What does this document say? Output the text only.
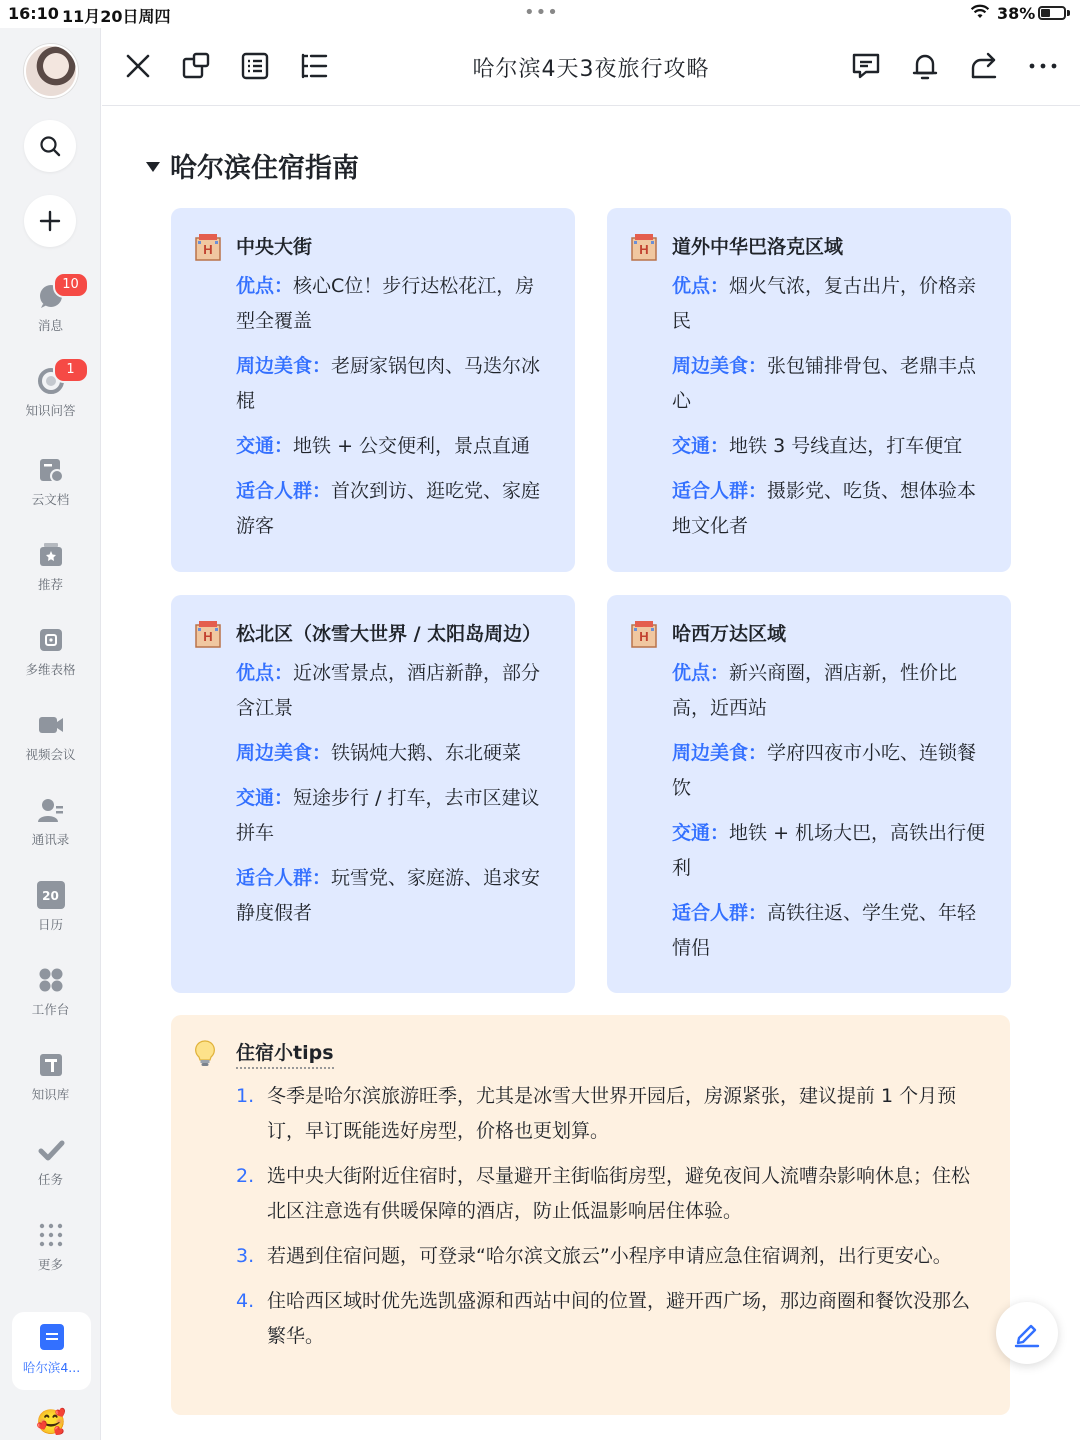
16:10 11月20日周四	•••	38%
10
消息
1
知识问答
云文档
推荐
多维表格
视频会议
通讯录
20
日历
工作台
知识库
任务
更多
哈尔滨4...
🥰
哈尔滨4天3夜旅行攻略
哈尔滨住宿指南
H 中央大街
优点：核心C位！步行达松花江，房型全覆盖
周边美食：老厨家锅包肉、马迭尔冰棍
交通：地铁 + 公交便利，景点直通
适合人群：首次到访、逛吃党、家庭游客
H 道外中华巴洛克区域
优点：烟火气浓，复古出片，价格亲民
周边美食：张包铺排骨包、老鼎丰点心
交通：地铁 3 号线直达，打车便宜
适合人群：摄影党、吃货、想体验本地文化者
H 松北区（冰雪大世界 / 太阳岛周边）
优点：近冰雪景点，酒店新静，部分含江景
周边美食：铁锅炖大鹅、东北硬菜
交通：短途步行 / 打车，去市区建议拼车
适合人群：玩雪党、家庭游、追求安静度假者
H 哈西万达区域
优点：新兴商圈，酒店新，性价比高，近西站
周边美食：学府四夜市小吃、连锁餐饮
交通：地铁 + 机场大巴，高铁出行便利
适合人群：高铁往返、学生党、年轻情侣
住宿小tips
1. 冬季是哈尔滨旅游旺季，尤其是冰雪大世界开园后，房源紧张，建议提前 1 个月预订，早订既能选好房型，价格也更划算。
2. 选中央大街附近住宿时，尽量避开主街临街房型，避免夜间人流嘈杂影响休息；住松北区注意选有供暖保障的酒店，防止低温影响居住体验。
3. 若遇到住宿问题，可登录“哈尔滨文旅云”小程序申请应急住宿调剂，出行更安心。
4. 住哈西区域时优先选凯盛源和西站中间的位置，避开西广场，那边商圈和餐饮没那么繁华。
